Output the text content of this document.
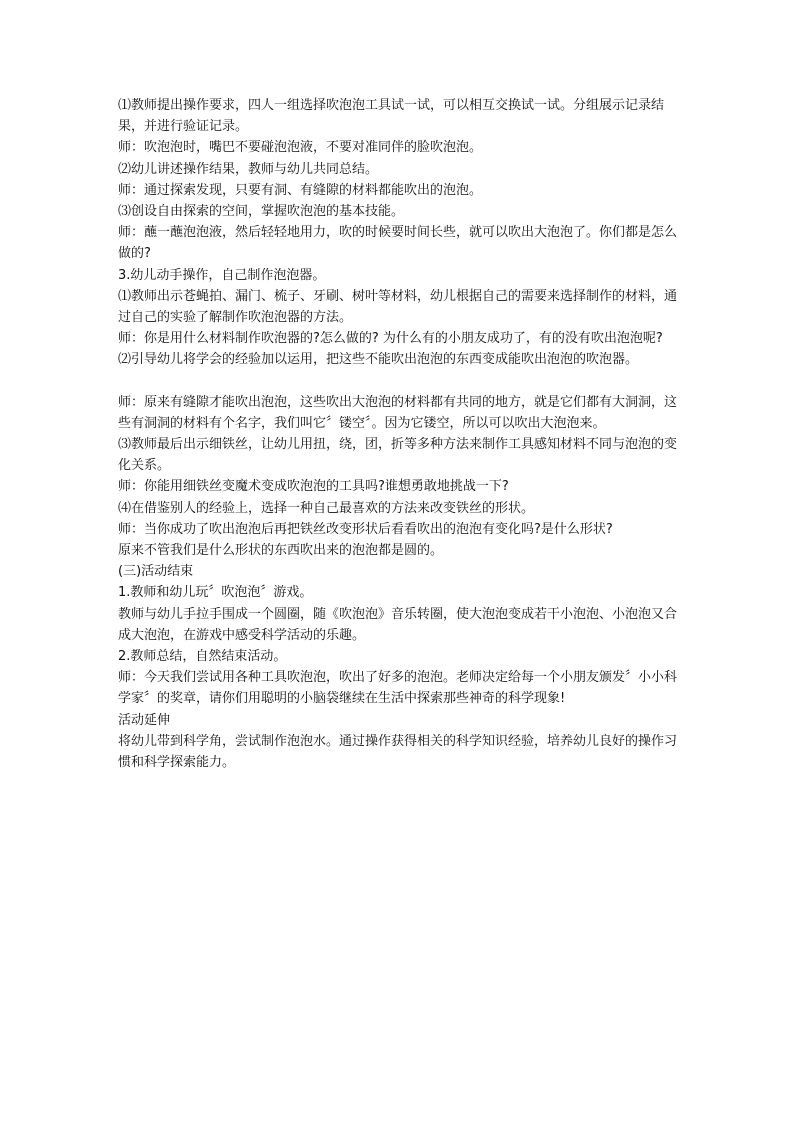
⑴教师提出操作要求，四人一组选择吹泡泡工具试一试，可以相互交换试一试。分组展示记录结果，并进行验证记录。

师：吹泡泡时，嘴巴不要碰泡泡液，不要对准同伴的脸吹泡泡。

⑵幼儿讲述操作结果，教师与幼儿共同总结。

师：通过探索发现，只要有洞、有缝隙的材料都能吹出的泡泡。

⑶创设自由探索的空间，掌握吹泡泡的基本技能。

师：蘸一蘸泡泡液，然后轻轻地用力，吹的时候要时间长些，就可以吹出大泡泡了。你们都是怎么做的?

3.幼儿动手操作，自己制作泡泡器。

⑴教师出示苍蝇拍、漏门、梳子、牙刷、树叶等材料，幼儿根据自己的需要来选择制作的材料，通过自己的实验了解制作吹泡泡器的方法。

师：你是用什么材料制作吹泡器的?怎么做的? 为什么有的小朋友成功了，有的没有吹出泡泡呢?

⑵引导幼儿将学会的经验加以运用，把这些不能吹出泡泡的东西变成能吹出泡泡的吹泡器。

师：原来有缝隙才能吹出泡泡，这些吹出大泡泡的材料都有共同的地方，就是它们都有大洞洞，这些有洞洞的材料有个名字，我们叫它〞镂空〞。因为它镂空，所以可以吹出大泡泡来。

⑶教师最后出示细铁丝，让幼儿用扭，绕，团，折等多种方法来制作工具感知材料不同与泡泡的变化关系。

师：你能用细铁丝变魔术变成吹泡泡的工具吗?谁想勇敢地挑战一下?

⑷在借鉴别人的经验上，选择一种自己最喜欢的方法来改变铁丝的形状。

师：当你成功了吹出泡泡后再把铁丝改变形状后看看吹出的泡泡有变化吗?是什么形状?

原来不管我们是什么形状的东西吹出来的泡泡都是圆的。

(三)活动结束

1.教师和幼儿玩〞吹泡泡〞游戏。

教师与幼儿手拉手围成一个圆圈，随《吹泡泡》音乐转圈，使大泡泡变成若干小泡泡、小泡泡又合成大泡泡，在游戏中感受科学活动的乐趣。

2.教师总结，自然结束活动。

师：今天我们尝试用各种工具吹泡泡，吹出了好多的泡泡。老师决定给每一个小朋友颁发〞小小科学家〞的奖章，请你们用聪明的小脑袋继续在生活中探索那些神奇的科学现象!

活动延伸

将幼儿带到科学角，尝试制作泡泡水。通过操作获得相关的科学知识经验，培养幼儿良好的操作习惯和科学探索能力。
